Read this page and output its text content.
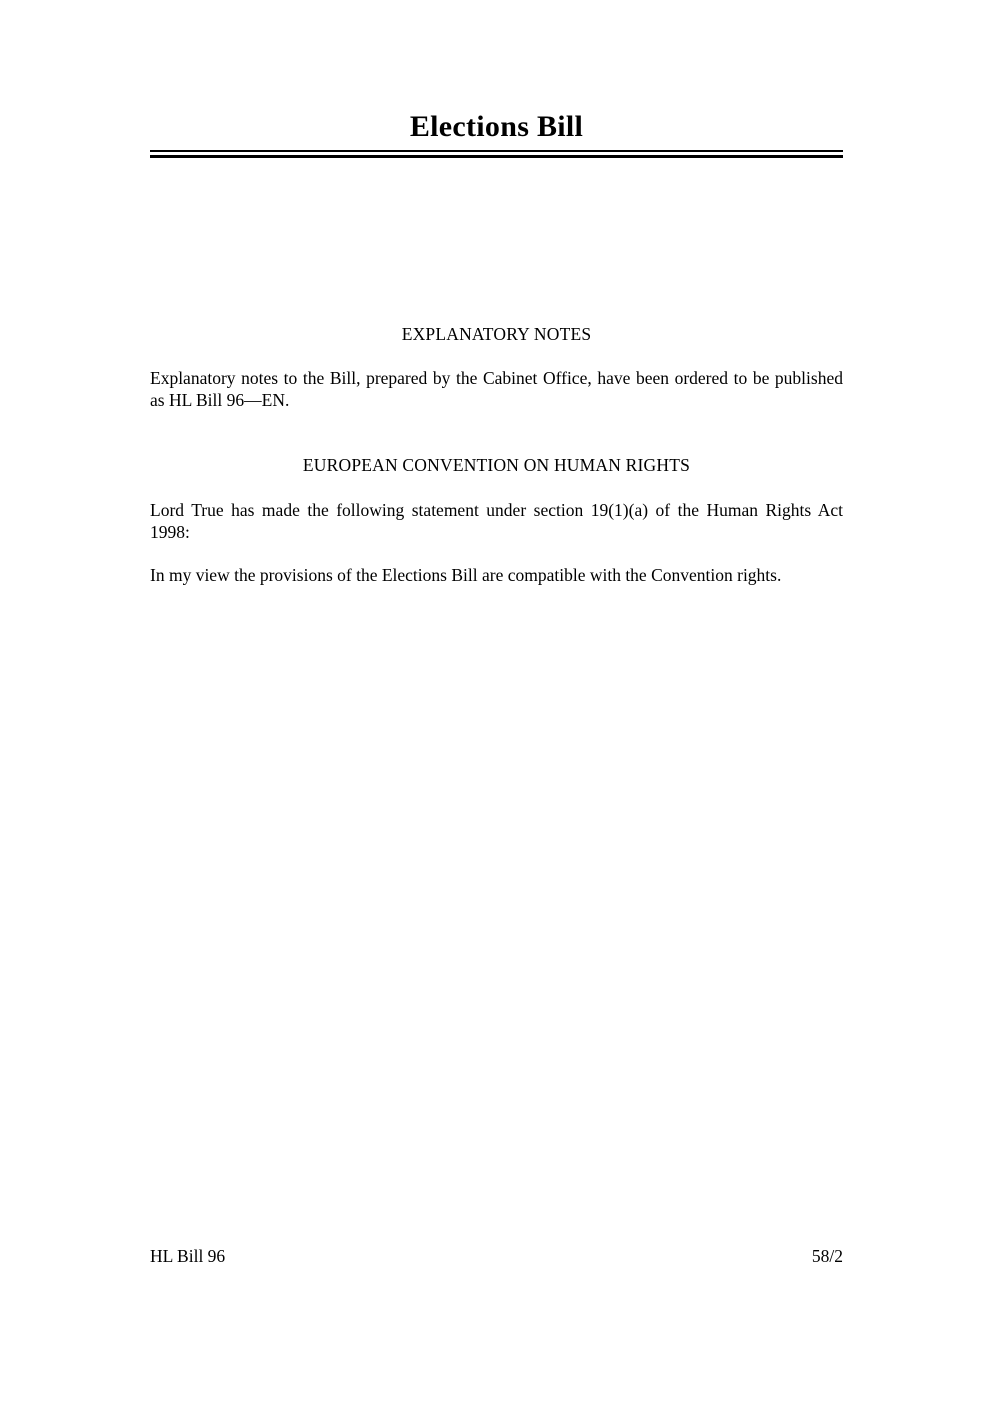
Elections Bill
EXPLANATORY NOTES
Explanatory notes to the Bill, prepared by the Cabinet Office, have been ordered to be published
as HL Bill 96—EN.
EUROPEAN CONVENTION ON HUMAN RIGHTS
Lord True has made the following statement under section 19(1)(a) of the Human Rights Act
1998:
In my view the provisions of the Elections Bill are compatible with the Convention rights.
HL Bill 96	58/2
